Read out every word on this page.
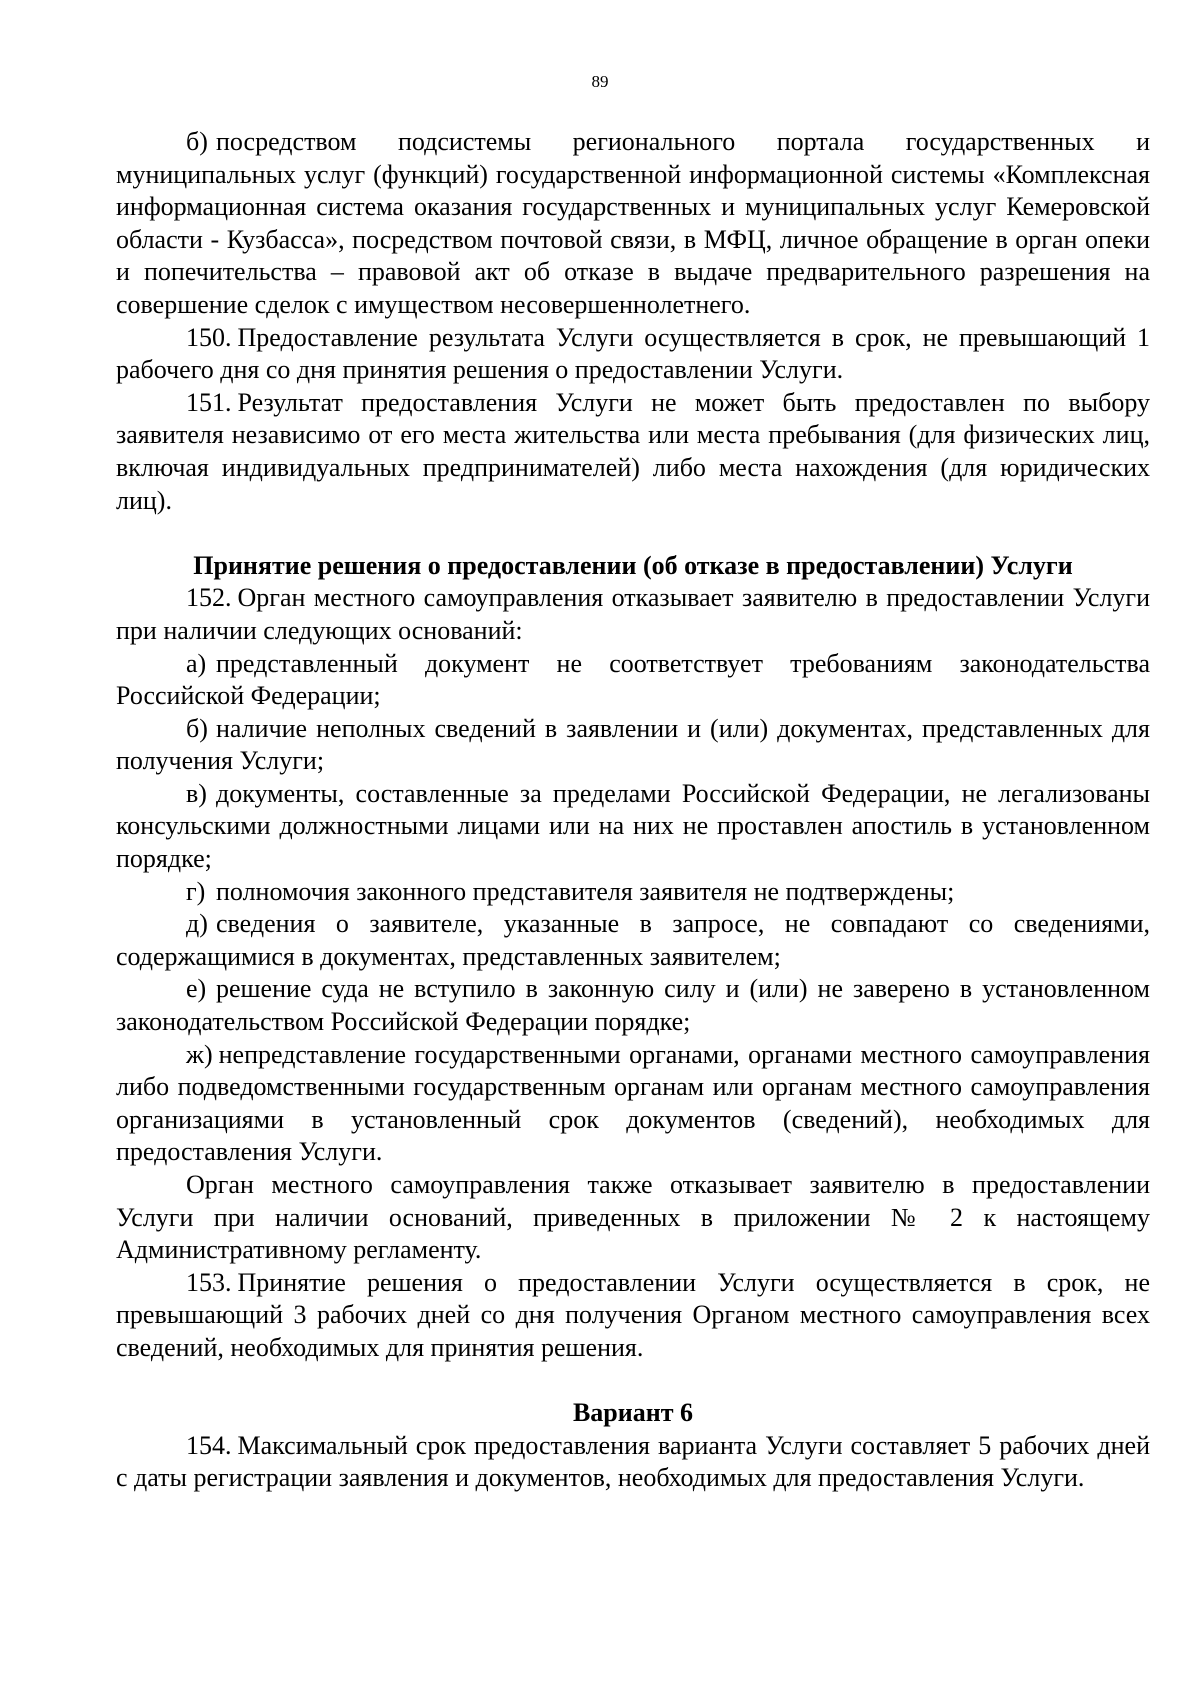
89

б) посредством подсистемы регионального портала государственных и муниципальных услуг (функций) государственной информационной системы «Комплексная информационная система оказания государственных и муниципальных услуг Кемеровской области - Кузбасса», посредством почтовой связи, в МФЦ, личное обращение в орган опеки и попечительства – правовой акт об отказе в выдаче предварительного разрешения на совершение сделок с имуществом несовершеннолетнего.

150. Предоставление результата Услуги осуществляется в срок, не превышающий 1 рабочего дня со дня принятия решения о предоставлении Услуги.

151. Результат предоставления Услуги не может быть предоставлен по выбору заявителя независимо от его места жительства или места пребывания (для физических лиц, включая индивидуальных предпринимателей) либо места нахождения (для юридических лиц).

Принятие решения о предоставлении (об отказе в предоставлении) Услуги

152. Орган местного самоуправления отказывает заявителю в предоставлении Услуги при наличии следующих оснований:

а) представленный документ не соответствует требованиям законодательства Российской Федерации;

б) наличие неполных сведений в заявлении и (или) документах, представленных для получения Услуги;

в) документы, составленные за пределами Российской Федерации, не легализованы консульскими должностными лицами или на них не проставлен апостиль в установленном порядке;

г) полномочия законного представителя заявителя не подтверждены;

д) сведения о заявителе, указанные в запросе, не совпадают со сведениями, содержащимися в документах, представленных заявителем;

е) решение суда не вступило в законную силу и (или) не заверено в установленном законодательством Российской Федерации порядке;

ж) непредставление государственными органами, органами местного самоуправления либо подведомственными государственным органам или органам местного самоуправления организациями в установленный срок документов (сведений), необходимых для предоставления Услуги.

Орган местного самоуправления также отказывает заявителю в предоставлении Услуги при наличии оснований, приведенных в приложении № 2 к настоящему Административному регламенту.

153. Принятие решения о предоставлении Услуги осуществляется в срок, не превышающий 3 рабочих дней со дня получения Органом местного самоуправления всех сведений, необходимых для принятия решения.

Вариант 6

154. Максимальный срок предоставления варианта Услуги составляет 5 рабочих дней с даты регистрации заявления и документов, необходимых для предоставления Услуги.
